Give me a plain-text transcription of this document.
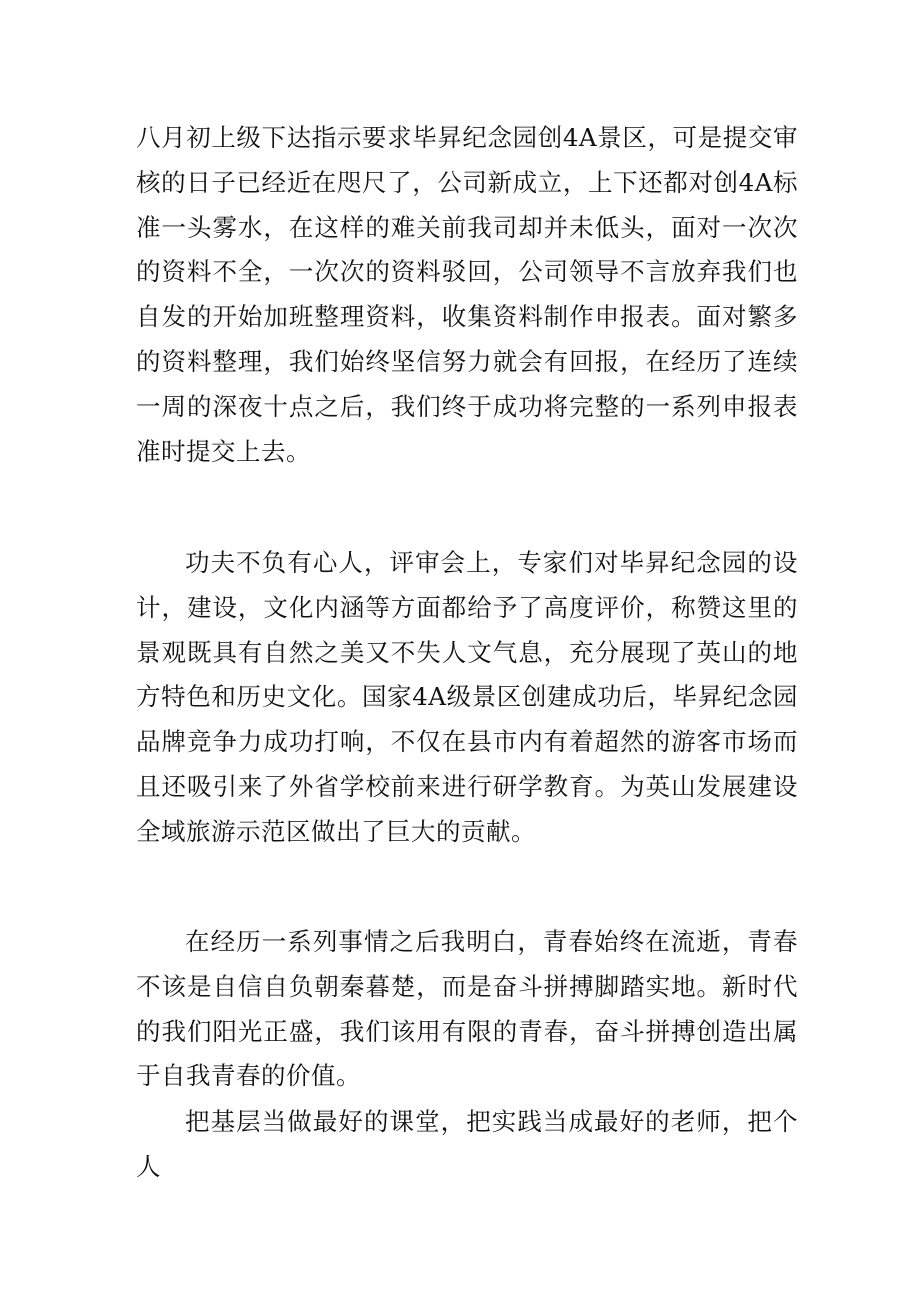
八月初上级下达指示要求毕昇纪念园创4A景区，可是提交审核的日子已经近在咫尺了，公司新成立，上下还都对创4A标准一头雾水，在这样的难关前我司却并未低头，面对一次次的资料不全，一次次的资料驳回，公司领导不言放弃我们也自发的开始加班整理资料，收集资料制作申报表。面对繁多的资料整理，我们始终坚信努力就会有回报，在经历了连续一周的深夜十点之后，我们终于成功将完整的一系列申报表准时提交上去。

功夫不负有心人，评审会上，专家们对毕昇纪念园的设计，建设，文化内涵等方面都给予了高度评价，称赞这里的景观既具有自然之美又不失人文气息，充分展现了英山的地方特色和历史文化。国家4A级景区创建成功后，毕昇纪念园品牌竞争力成功打响，不仅在县市内有着超然的游客市场而且还吸引来了外省学校前来进行研学教育。为英山发展建设全域旅游示范区做出了巨大的贡献。

在经历一系列事情之后我明白，青春始终在流逝，青春不该是自信自负朝秦暮楚，而是奋斗拼搏脚踏实地。新时代的我们阳光正盛，我们该用有限的青春，奋斗拼搏创造出属于自我青春的价值。

把基层当做最好的课堂，把实践当成最好的老师，把个人
